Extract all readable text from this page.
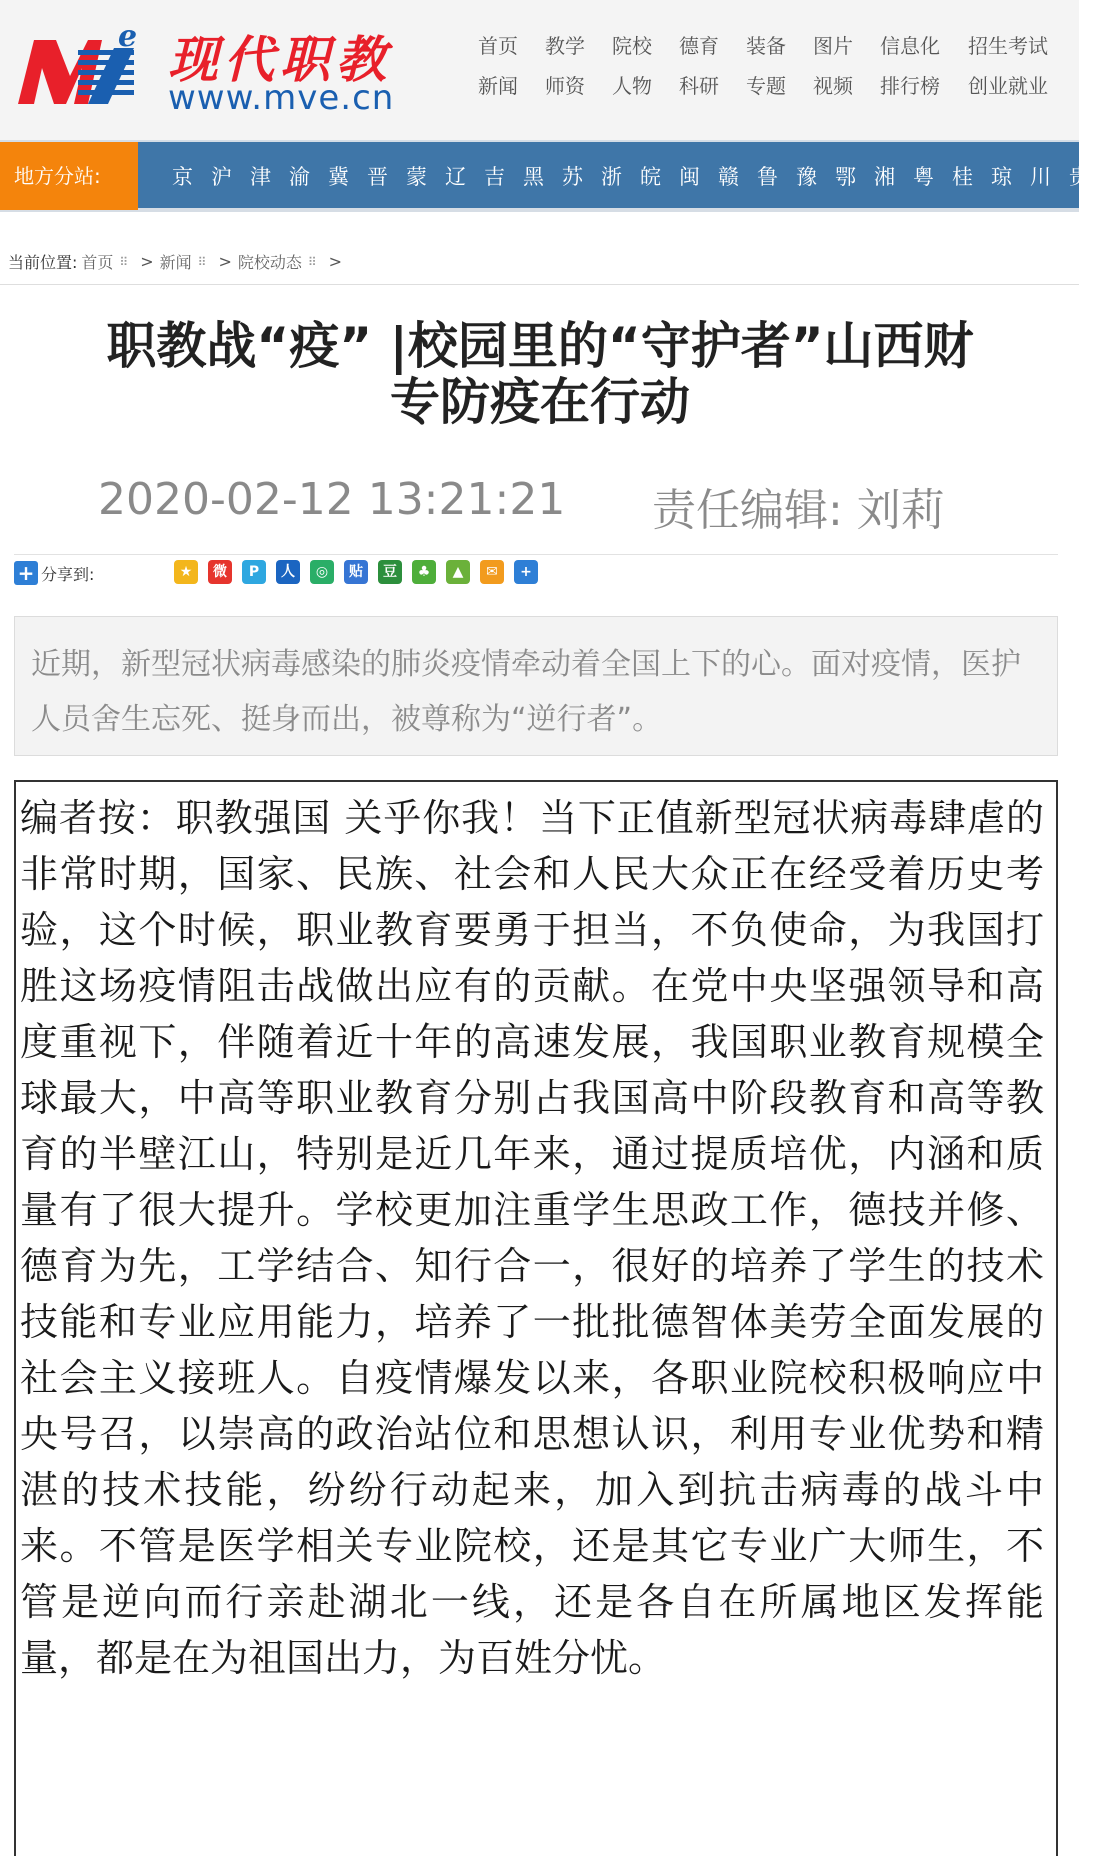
e 现代职教
www.mve.cn
首页	教学	院校	德育	装备	图片	信息化	招生考试
新闻	师资	人物	科研	专题	视频	排行榜	创业就业
地方分站:	京 沪 津 渝 冀 晋 蒙 辽 吉 黑 苏 浙 皖 闽 赣 鲁 豫 鄂 湘 粤 桂 琼 川 贵
当前位置: 首页 ⠿ > 新闻 ⠿ > 院校动态 ⠿ >
职教战“疫” |校园里的“守护者”山西财
专防疫在行动
2020-02-12 13:21:21 责任编辑: 刘莉
+ 分享到:	★	微	P	人	◎	贴	豆	♣	▲	✉	+
近期，新型冠状病毒感染的肺炎疫情牵动着全国上下的心。面对疫情，医护人员舍生忘死、挺身而出，被尊称为“逆行者”。
编者按：职教强国 关乎你我！当下正值新型冠状病毒肆虐的非常时期，国家、民族、社会和人民大众正在经受着历史考验，这个时候，职业教育要勇于担当，不负使命，为我国打胜这场疫情阻击战做出应有的贡献。在党中央坚强领导和高度重视下，伴随着近十年的高速发展，我国职业教育规模全球最大，中高等职业教育分别占我国高中阶段教育和高等教育的半壁江山，特别是近几年来，通过提质培优，内涵和质量有了很大提升。学校更加注重学生思政工作，德技并修、德育为先，工学结合、知行合一，很好的培养了学生的技术技能和专业应用能力，培养了一批批德智体美劳全面发展的社会主义接班人。自疫情爆发以来，各职业院校积极响应中央号召，以崇高的政治站位和思想认识，利用专业优势和精湛的技术技能，纷纷行动起来，加入到抗击病毒的战斗中来。不管是医学相关专业院校，还是其它专业广大师生，不管是逆向而行亲赴湖北一线，还是各自在所属地区发挥能量，都是在为祖国出力，为百姓分忧。
